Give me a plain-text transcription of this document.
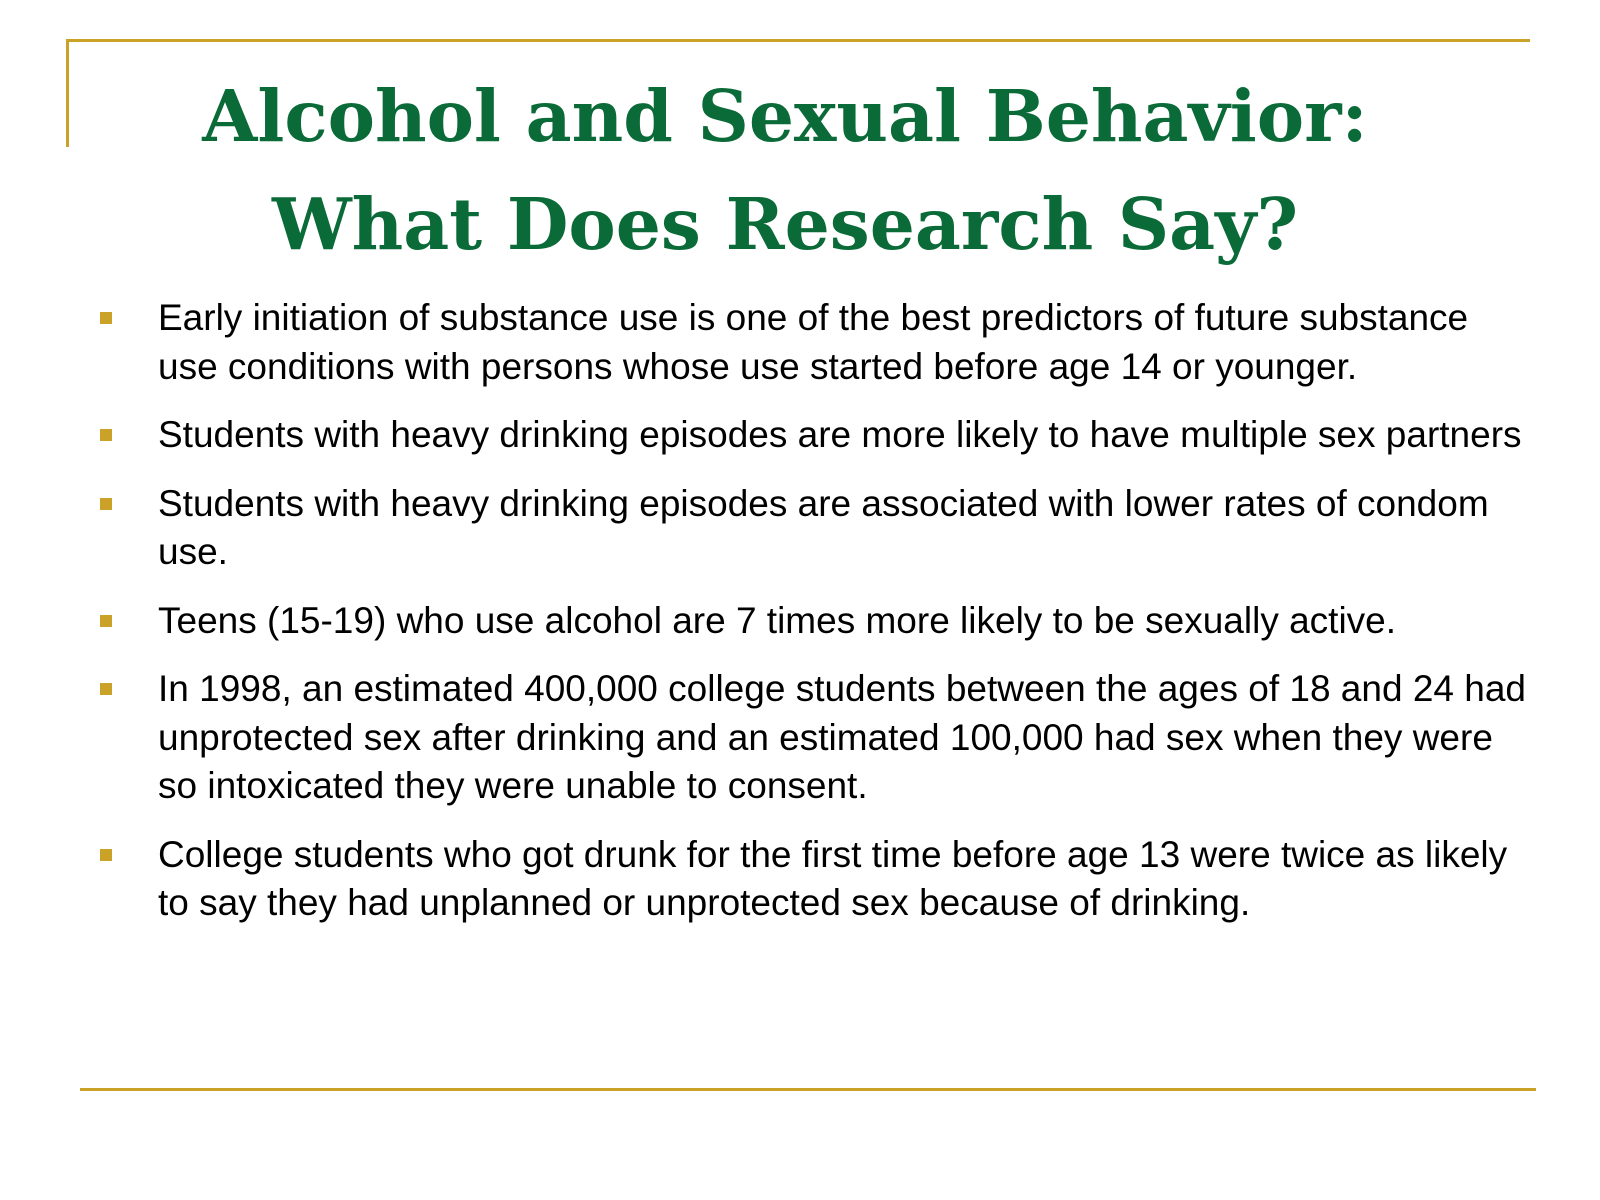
Alcohol and Sexual Behavior: What Does Research Say?
Early initiation of substance use is one of the best predictors of future substance use conditions with persons whose use started before age 14 or younger.
Students with heavy drinking episodes are more likely to have multiple sex partners
Students with heavy drinking episodes are associated with lower rates of condom use.
Teens (15-19) who use alcohol are 7 times more likely to be sexually active.
In 1998, an estimated 400,000 college students between the ages of 18 and 24 had unprotected sex after drinking and an estimated 100,000 had sex when they were so intoxicated they were unable to consent.
College students who got drunk for the first time before age 13 were twice as likely to say they had unplanned or unprotected sex because of drinking.
